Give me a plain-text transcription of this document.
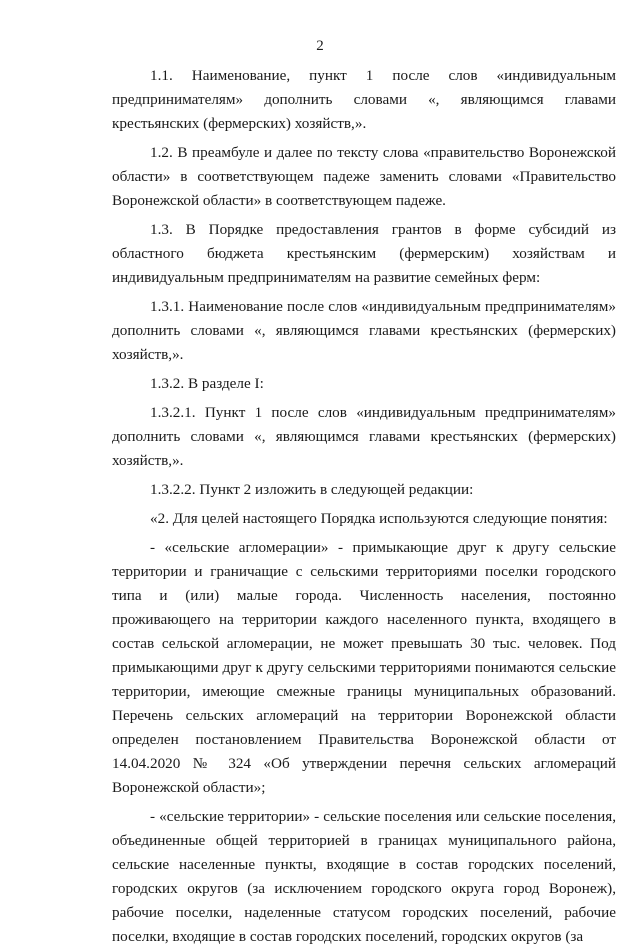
2

1.1. Наименование, пункт 1 после слов «индивидуальным предпринимателям» дополнить словами «, являющимся главами крестьянских (фермерских) хозяйств,».

1.2. В преамбуле и далее по тексту слова «правительство Воронежской области» в соответствующем падеже заменить словами «Правительство Воронежской области» в соответствующем падеже.

1.3. В Порядке предоставления грантов в форме субсидий из областного бюджета крестьянским (фермерским) хозяйствам и индивидуальным предпринимателям на развитие семейных ферм:

1.3.1. Наименование после слов «индивидуальным предпринимателям» дополнить словами «, являющимся главами крестьянских (фермерских) хозяйств,».

1.3.2. В разделе I:

1.3.2.1. Пункт 1 после слов «индивидуальным предпринимателям» дополнить словами «, являющимся главами крестьянских (фермерских) хозяйств,».

1.3.2.2. Пункт 2 изложить в следующей редакции:

«2. Для целей настоящего Порядка используются следующие понятия:

- «сельские агломерации» - примыкающие друг к другу сельские территории и граничащие с сельскими территориями поселки городского типа и (или) малые города. Численность населения, постоянно проживающего на территории каждого населенного пункта, входящего в состав сельской агломерации, не может превышать 30 тыс. человек. Под примыкающими друг к другу сельскими территориями понимаются сельские территории, имеющие смежные границы муниципальных образований. Перечень сельских агломераций на территории Воронежской области определен постановлением Правительства Воронежской области от 14.04.2020 № 324 «Об утверждении перечня сельских агломераций Воронежской области»;

- «сельские территории» - сельские поселения или сельские поселения, объединенные общей территорией в границах муниципального района, сельские населенные пункты, входящие в состав городских поселений, городских округов (за исключением городского округа город Воронеж), рабочие поселки, наделенные статусом городских поселений, рабочие поселки, входящие в состав городских поселений, городских округов (за
